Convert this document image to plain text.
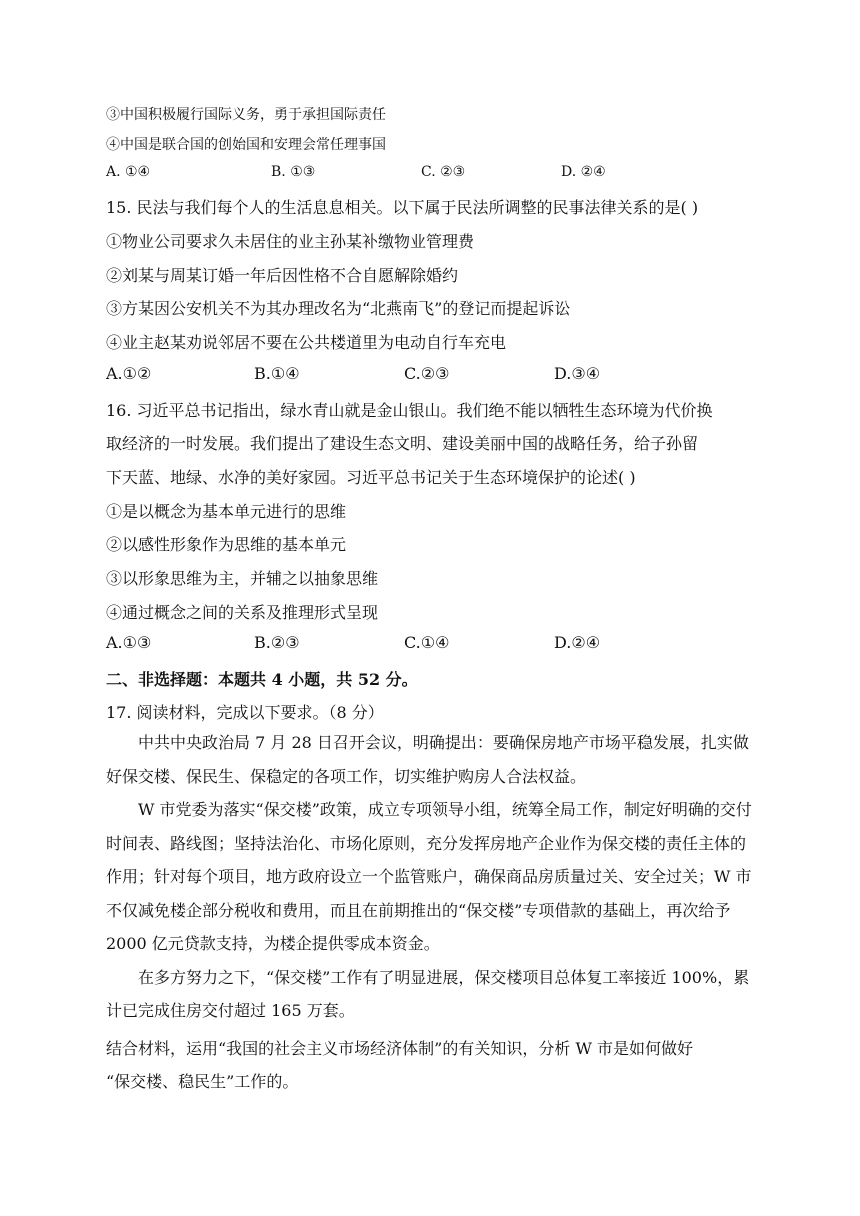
③中国积极履行国际义务，勇于承担国际责任
④中国是联合国的创始国和安理会常任理事国
A. ①④	B. ①③	C. ②③	D. ②④
15. 民法与我们每个人的生活息息相关。以下属于民法所调整的民事法律关系的是( )
①物业公司要求久未居住的业主孙某补缴物业管理费
②刘某与周某订婚一年后因性格不合自愿解除婚约
③方某因公安机关不为其办理改名为“北燕南飞”的登记而提起诉讼
④业主赵某劝说邻居不要在公共楼道里为电动自行车充电
A.①②	B.①④	C.②③	D.③④
16. 习近平总书记指出，绿水青山就是金山银山。我们绝不能以牺牲生态环境为代价换
取经济的一时发展。我们提出了建设生态文明、建设美丽中国的战略任务，给子孙留
下天蓝、地绿、水净的美好家园。习近平总书记关于生态环境保护的论述( )
①是以概念为基本单元进行的思维
②以感性形象作为思维的基本单元
③以形象思维为主，并辅之以抽象思维
④通过概念之间的关系及推理形式呈现
A.①③	B.②③	C.①④	D.②④
二、非选择题：本题共 4 小题，共 52 分。
17. 阅读材料，完成以下要求。（8 分）

中共中央政治局 7 月 28 日召开会议，明确提出：要确保房地产市场平稳发展，扎实做好保交楼、保民生、保稳定的各项工作，切实维护购房人合法权益。

W 市党委为落实“保交楼”政策，成立专项领导小组，统筹全局工作，制定好明确的交付时间表、路线图；坚持法治化、市场化原则，充分发挥房地产企业作为保交楼的责任主体的作用；针对每个项目，地方政府设立一个监管账户，确保商品房质量过关、安全过关；W 市不仅减免楼企部分税收和费用，而且在前期推出的“保交楼”专项借款的基础上，再次给予 2000 亿元贷款支持，为楼企提供零成本资金。

在多方努力之下，“保交楼”工作有了明显进展，保交楼项目总体复工率接近 100%，累计已完成住房交付超过 165 万套。

结合材料，运用“我国的社会主义市场经济体制”的有关知识，分析 W 市是如何做好
“保交楼、稳民生”工作的。
